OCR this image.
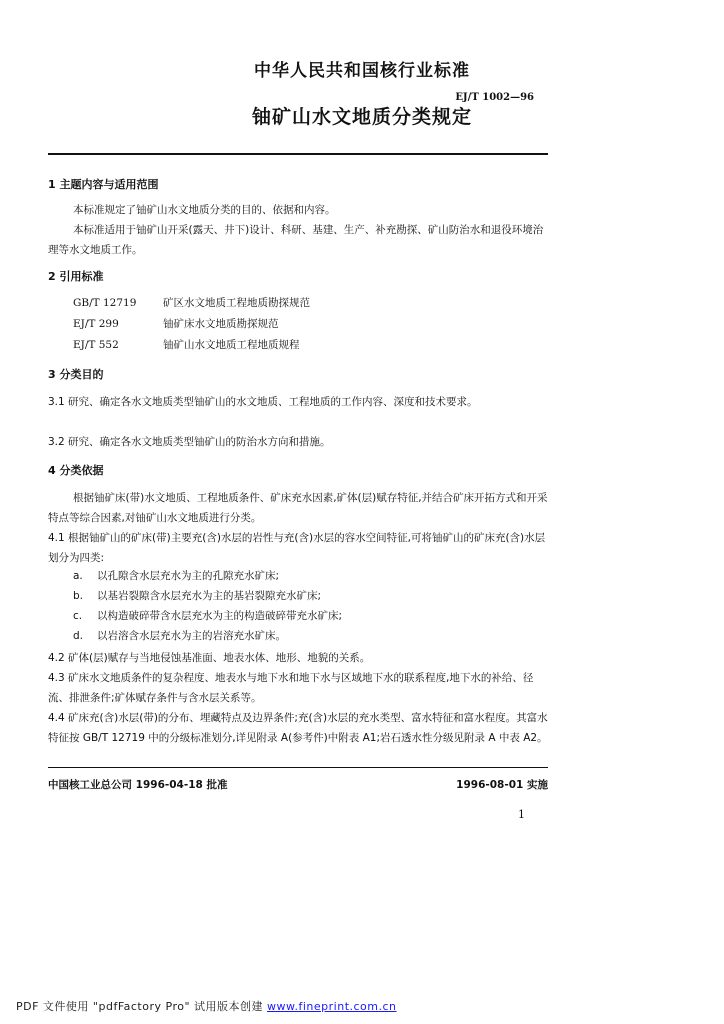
中华人民共和国核行业标准
EJ/T 1002—96
铀矿山水文地质分类规定
1 主题内容与适用范围
本标准规定了铀矿山水文地质分类的目的、依据和内容。
本标准适用于铀矿山开采(露天、井下)设计、科研、基建、生产、补充勘探、矿山防治水和退役环境治理等水文地质工作。
2 引用标准
GB/T 12719	矿区水文地质工程地质勘探规范
EJ/T 299	铀矿床水文地质勘探规范
EJ/T 552	铀矿山水文地质工程地质规程
3 分类目的
3.1 研究、确定各水文地质类型铀矿山的水文地质、工程地质的工作内容、深度和技术要求。
3.2 研究、确定各水文地质类型铀矿山的防治水方向和措施。
4 分类依据
根据铀矿床(带)水文地质、工程地质条件、矿床充水因素,矿体(层)赋存特征,并结合矿床开拓方式和开采特点等综合因素,对铀矿山水文地质进行分类。
4.1 根据铀矿山的矿床(带)主要充(含)水层的岩性与充(含)水层的容水空间特征,可将铀矿山的矿床充(含)水层划分为四类:
a. 以孔隙含水层充水为主的孔隙充水矿床;
b. 以基岩裂隙含水层充水为主的基岩裂隙充水矿床;
c. 以构造破碎带含水层充水为主的构造破碎带充水矿床;
d. 以岩溶含水层充水为主的岩溶充水矿床。
4.2 矿体(层)赋存与当地侵蚀基准面、地表水体、地形、地貌的关系。
4.3 矿床水文地质条件的复杂程度、地表水与地下水和地下水与区域地下水的联系程度,地下水的补给、径流、排泄条件;矿体赋存条件与含水层关系等。
4.4 矿床充(含)水层(带)的分布、埋藏特点及边界条件;充(含)水层的充水类型、富水特征和富水程度。其富水特征按 GB/T 12719 中的分级标准划分,详见附录 A(参考件)中附表 A1;岩石透水性分级见附录 A 中表 A2。
中国核工业总公司 1996-04-18 批准	1996-08-01 实施
1
PDF 文件使用 "pdfFactory Pro" 试用版本创建 www.fineprint.com.cn
